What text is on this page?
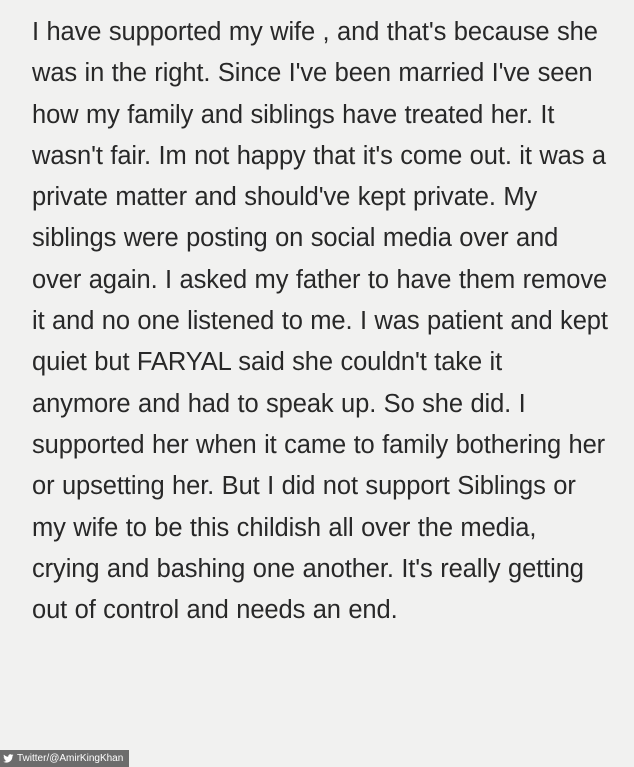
I have supported my wife , and that's because she was in the right. Since I've been married I've seen how my family and siblings have treated her. It wasn't fair. Im not happy that it's come out. it was a private matter and should've kept private. My siblings were posting on social media over and over again. I asked my father to have them remove it and no one listened to me. I was patient and kept quiet but FARYAL said she couldn't take it anymore and had to speak up. So she did. I supported her when it came to family bothering her or upsetting her. But I did not support Siblings or my wife to be this childish all over the media, crying and bashing one another. It's really getting out of control and needs an end.
Twitter/@AmirKingKhan
